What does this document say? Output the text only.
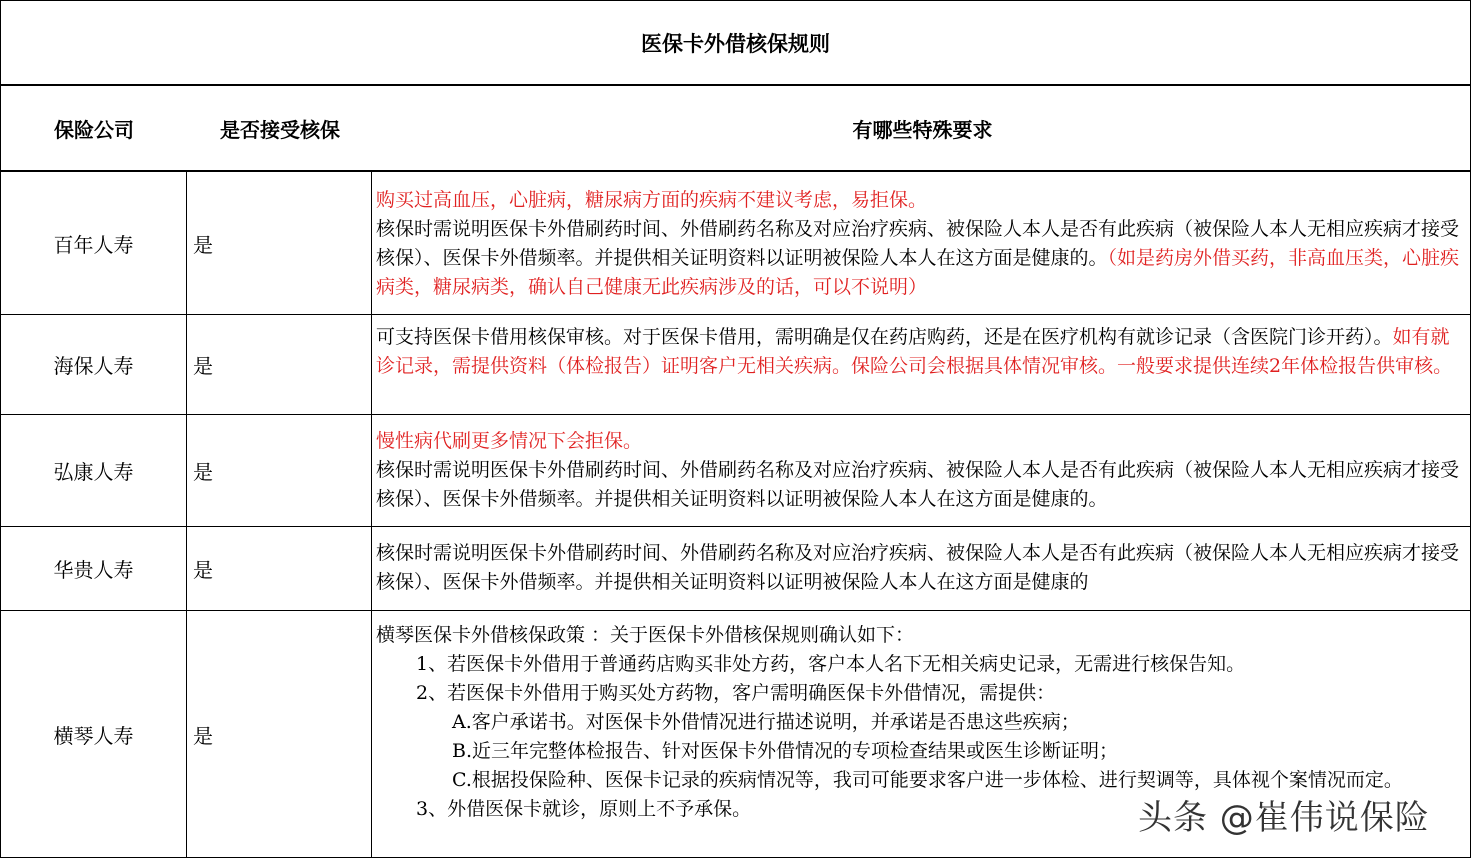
医保卡外借核保规则
保险公司	是否接受核保	有哪些特殊要求
百年人寿	是
购买过高血压，心脏病，糖尿病方面的疾病不建议考虑，易拒保。
核保时需说明医保卡外借刷药时间、外借刷药名称及对应治疗疾病、被保险人本人是否有此疾病（被保险人本人无相应疾病才接受核保）、医保卡外借频率。并提供相关证明资料以证明被保险人本人在这方面是健康的。（如是药房外借买药，非高血压类，心脏疾病类，糖尿病类，确认自己健康无此疾病涉及的话，可以不说明）
海保人寿	是
可支持医保卡借用核保审核。对于医保卡借用，需明确是仅在药店购药，还是在医疗机构有就诊记录（含医院门诊开药）。如有就诊记录，需提供资料（体检报告）证明客户无相关疾病。保险公司会根据具体情况审核。一般要求提供连续2年体检报告供审核。
弘康人寿	是
慢性病代刷更多情况下会拒保。
核保时需说明医保卡外借刷药时间、外借刷药名称及对应治疗疾病、被保险人本人是否有此疾病（被保险人本人无相应疾病才接受核保）、医保卡外借频率。并提供相关证明资料以证明被保险人本人在这方面是健康的。
华贵人寿	是
核保时需说明医保卡外借刷药时间、外借刷药名称及对应治疗疾病、被保险人本人是否有此疾病（被保险人本人无相应疾病才接受核保）、医保卡外借频率。并提供相关证明资料以证明被保险人本人在这方面是健康的
横琴人寿	是
横琴医保卡外借核保政策 ：关于医保卡外借核保规则确认如下：
1、若医保卡外借用于普通药店购买非处方药，客户本人名下无相关病史记录，无需进行核保告知。
2、若医保卡外借用于购买处方药物，客户需明确医保卡外借情况，需提供：
A.客户承诺书。对医保卡外借情况进行描述说明，并承诺是否患这些疾病；
B.近三年完整体检报告、针对医保卡外借情况的专项检查结果或医生诊断证明；
C.根据投保险种、医保卡记录的疾病情况等，我司可能要求客户进一步体检、进行契调等，具体视个案情况而定。
3、外借医保卡就诊，原则上不予承保。	头条 @崔伟说保险
